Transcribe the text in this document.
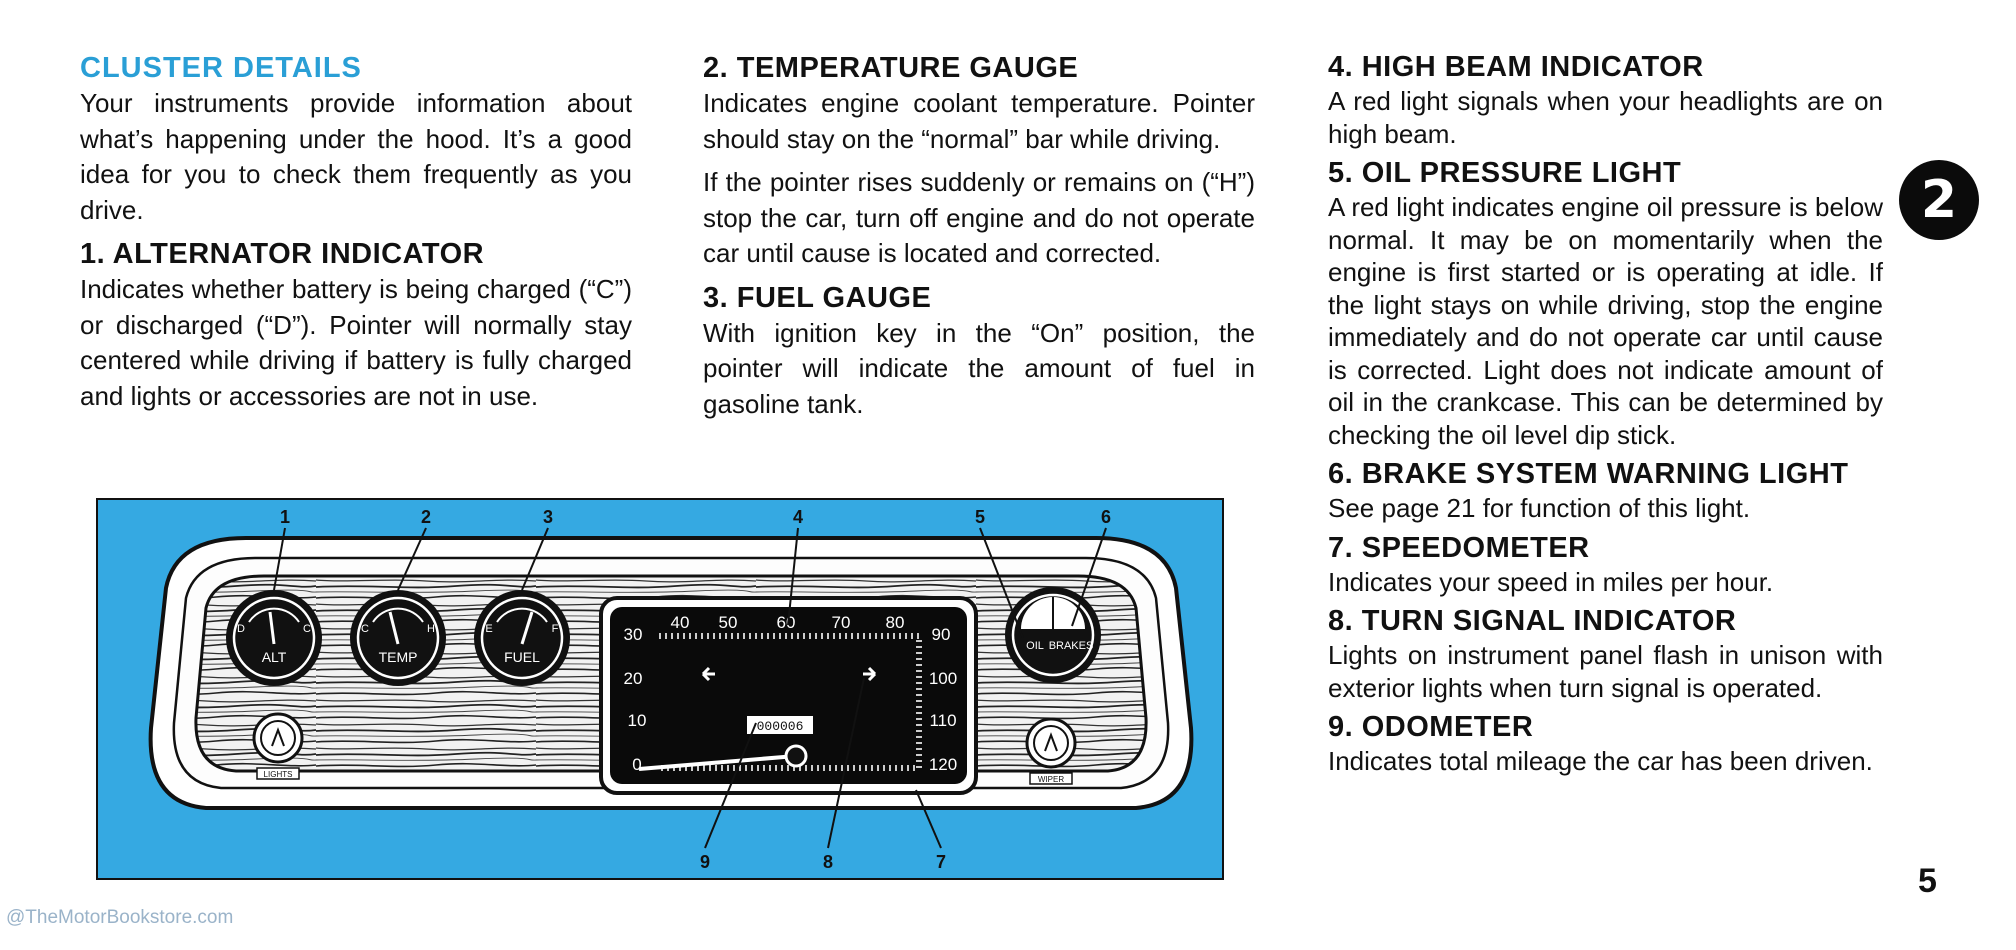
CLUSTER DETAILS

Your instruments provide information about what’s happening under the hood. It’s a good idea for you to check them frequently as you drive.

1. ALTERNATOR INDICATOR

Indicates whether battery is being charged (“C”) or discharged (“D”). Pointer will normally stay centered while driving if battery is fully charged and lights or accessories are not in use.

2. TEMPERATURE GAUGE

Indicates engine coolant temperature. Pointer should stay on the “normal” bar while driving.

If the pointer rises suddenly or remains on (“H”) stop the car, turn off engine and do not operate car until cause is located and corrected.

3. FUEL GAUGE

With ignition key in the “On” position, the pointer will indicate the amount of fuel in gasoline tank.

4. HIGH BEAM INDICATOR

A red light signals when your headlights are on high beam.

5. OIL PRESSURE LIGHT

A red light indicates engine oil pressure is below normal. It may be on momentarily when the engine is first started or is operating at idle. If the light stays on while driving, stop the engine immediately and do not operate car until cause is corrected. Light does not indicate amount of oil in the crankcase. This can be determined by checking the oil level dip stick.

6. BRAKE SYSTEM WARNING LIGHT

See page 21 for function of this light.

7. SPEEDOMETER

Indicates your speed in miles per hour.

8. TURN SIGNAL INDICATOR

Lights on instrument panel flash in unison with exterior lights when turn signal is operated.

9. ODOMETER

Indicates total mileage the car has been driven.

2
5
@TheMotorBookstore.com
D	C
ALT
C	H
TEMP
E	F
FUEL
000006
0
10
20
30
40 50 60 70 80
90
100
110
120
OIL BRAKES
LIGHTS
WIPER
1	2	3	4	5	6
7
8
9
